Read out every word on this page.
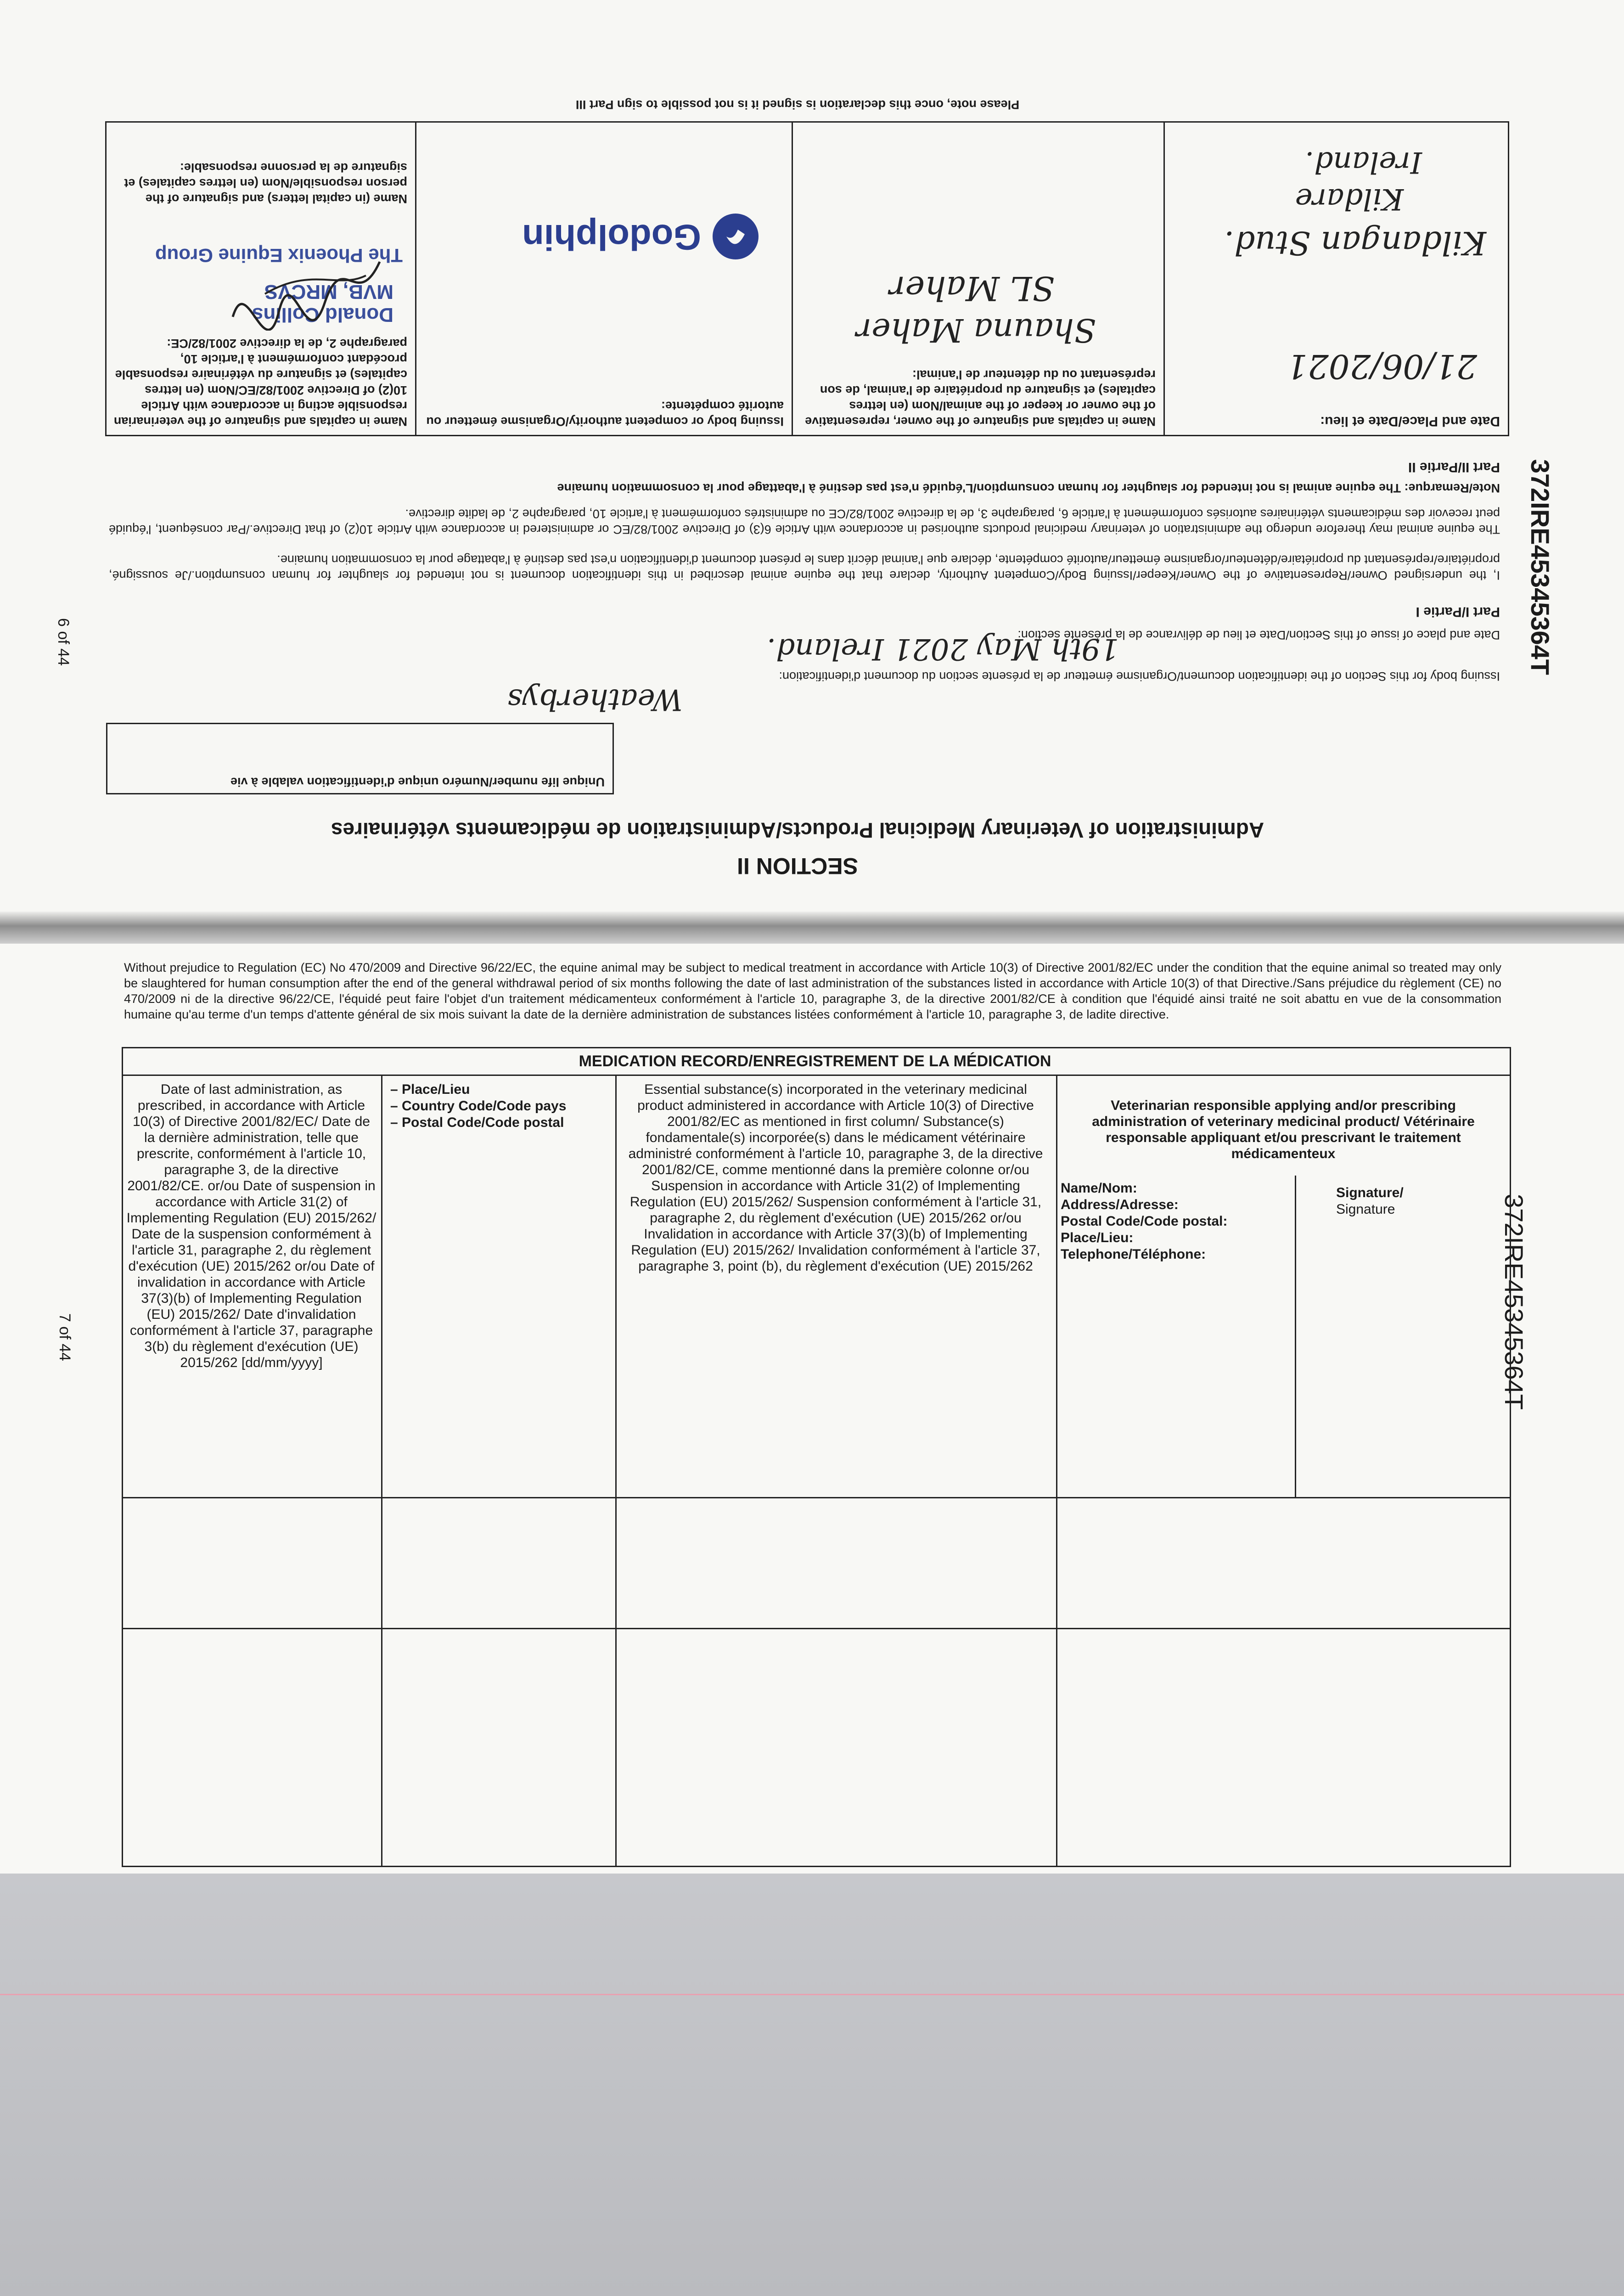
372IRE45345364T
6 of 44
Date and Place/Date et lieu:
21/06/2021
Kildangan Stud.
Kildare
Ireland.
Name in capitals and signature of the owner, representative of the owner or keeper of the animal/Nom (en lettres capitales) et signature du propriétaire de l'animal, de son représentant ou du détenteur de l'animal:
Shauna Maher
SL Maher
Issuing body or competent authority/Organisme émetteur ou autorité compétente:
Godolphin
Name in capitals and signature of the veterinarian responsible acting in accordance with Article 10(2) of Directive 2001/82/EC/Nom (en lettres capitales) et signature du vétérinaire responsable procédant conformément à l'article 10, paragraphe 2, de la directive 2001/82/CE:
Donald Collins
MVB, MRCVS
The Phoenix Equine Group
Name (in capital letters) and signature of the person responsible/Nom (en lettres capitales) et signature de la personne responsable:
Please note, once this declaration is signed it is not possible to sign Part III
I, the undersigned Owner/Representative of the Owner/Keeper/Issuing Body/Competent Authority, declare that the equine animal described in this identification document is not intended for slaughter for human consumption./Je soussigné, propriétaire/représentant du propriétaire/détenteur/organisme émetteur/autorité compétente, déclare que l'animal décrit dans le présent document d'identification n'est pas destiné à l'abattage pour la consommation humaine.
The equine animal may therefore undergo the administration of veterinary medicinal products authorised in accordance with Article 6(3) of Directive 2001/82/EC or administered in accordance with Article 10(2) of that Directive./Par conséquent, l'équidé peut recevoir des médicaments vétérinaires autorisés conformément à l'article 6, paragraphe 3, de la directive 2001/82/CE ou administrés conformément à l'article 10, paragraphe 2, de ladite directive.
Note/Remarque: The equine animal is not intended for slaughter for human consumption/L'équidé n'est pas destiné à l'abattage pour la consommation humaine
Part II/Partie II
Issuing body for this Section of the identification document/Organisme émetteur de la présente section du document d'identification:
Weatherbys
Date and place of issue of this Section/Date et lieu de délivrance de la présente section:
19th May 2021 Ireland.
Part I/Partie I
Unique life number/Numéro unique d'identification valable à vie
Administration of Veterinary Medicinal Products/Administration de médicaments vétérinaires
SECTION II
Without prejudice to Regulation (EC) No 470/2009 and Directive 96/22/EC, the equine animal may be subject to medical treatment in accordance with Article 10(3) of Directive 2001/82/EC under the condition that the equine animal so treated may only be slaughtered for human consumption after the end of the general withdrawal period of six months following the date of last administration of the substances listed in accordance with Article 10(3) of that Directive./Sans préjudice du règlement (CE) no 470/2009 ni de la directive 96/22/CE, l'équidé peut faire l'objet d'un traitement médicamenteux conformément à l'article 10, paragraphe 3, de la directive 2001/82/CE à condition que l'équidé ainsi traité ne soit abattu en vue de la consommation humaine qu'au terme d'un temps d'attente général de six mois suivant la date de la dernière administration de substances listées conformément à l'article 10, paragraphe 3, de ladite directive.
7 of 44	372IRE45345364T
MEDICATION RECORD/ENREGISTREMENT DE LA MÉDICATION
Date of last administration, as prescribed, in accordance with Article 10(3) of Directive 2001/82/EC/ Date de la dernière administration, telle que prescrite, conformément à l'article 10, paragraphe 3, de la directive 2001/82/CE. or/ou Date of suspension in accordance with Article 31(2) of Implementing Regulation (EU) 2015/262/ Date de la suspension conformément à l'article 31, paragraphe 2, du règlement d'exécution (UE) 2015/262 or/ou Date of invalidation in accordance with Article 37(3)(b) of Implementing Regulation (EU) 2015/262/ Date d'invalidation conformément à l'article 37, paragraphe 3(b) du règlement d'exécution (UE) 2015/262 [dd/mm/yyyy]
– Place/Lieu
– Country Code/Code pays
– Postal Code/Code postal
Essential substance(s) incorporated in the veterinary medicinal product administered in accordance with Article 10(3) of Directive 2001/82/EC as mentioned in first column/ Substance(s) fondamentale(s) incorporée(s) dans le médicament vétérinaire administré conformément à l'article 10, paragraphe 3, de la directive 2001/82/CE, comme mentionné dans la première colonne or/ou Suspension in accordance with Article 31(2) of Implementing Regulation (EU) 2015/262/ Suspension conformément à l'article 31, paragraphe 2, du règlement d'exécution (UE) 2015/262 or/ou Invalidation in accordance with Article 37(3)(b) of Implementing Regulation (EU) 2015/262/ Invalidation conformément à l'article 37, paragraphe 3, point (b), du règlement d'exécution (UE) 2015/262
Veterinarian responsible applying and/or prescribing administration of veterinary medicinal product/ Vétérinaire responsable appliquant et/ou prescrivant le traitement médicamenteux
Name/Nom:
Address/Adresse:
Postal Code/Code postal:
Place/Lieu:
Telephone/Téléphone:
Signature/
Signature
